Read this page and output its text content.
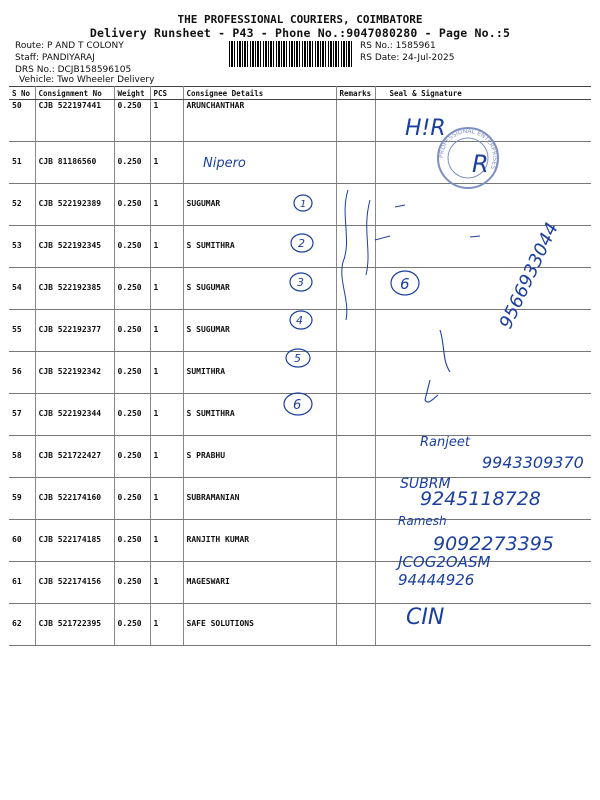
THE PROFESSIONAL COURIERS, COIMBATORE
Delivery Runsheet - P43 - Phone No.:9047080280 - Page No.:5
Route: P AND T COLONY
Staff: PANDIYARAJ
DRS No.: DCJB158596105
Vehicle: Two Wheeler Delivery
RS No.: 1585961
RS Date: 24-Jul-2025
S No	Consignment No	Weight	PCS	Consignee Details	Remarks	Seal & Signature
50	CJB 522197441	0.250	1	ARUNCHANTHAR		
51	CJB 81186560	0.250	1			
52	CJB 522192389	0.250	1	SUGUMAR		
53	CJB 522192345	0.250	1	S SUMITHRA		
54	CJB 522192385	0.250	1	S SUGUMAR		
55	CJB 522192377	0.250	1	S SUGUMAR		
56	CJB 522192342	0.250	1	SUMITHRA		
57	CJB 522192344	0.250	1	S SUMITHRA		
58	CJB 521722427	0.250	1	S PRABHU		
59	CJB 522174160	0.250	1	SUBRAMANIAN		
60	CJB 522174185	0.250	1	RANJITH KUMAR		
61	CJB 522174156	0.250	1	MAGESWARI		
62	CJB 521722395	0.250	1	SAFE SOLUTIONS		
PROFESSIONAL ENTERPRISES
H!R
R
Nipero
1
2
3
4
5
6
6	9566933044
Ranjeet
9943309370
SUBRM
9245118728
Ramesh
9092273395
JCOG2OASM
94444926
CIN
